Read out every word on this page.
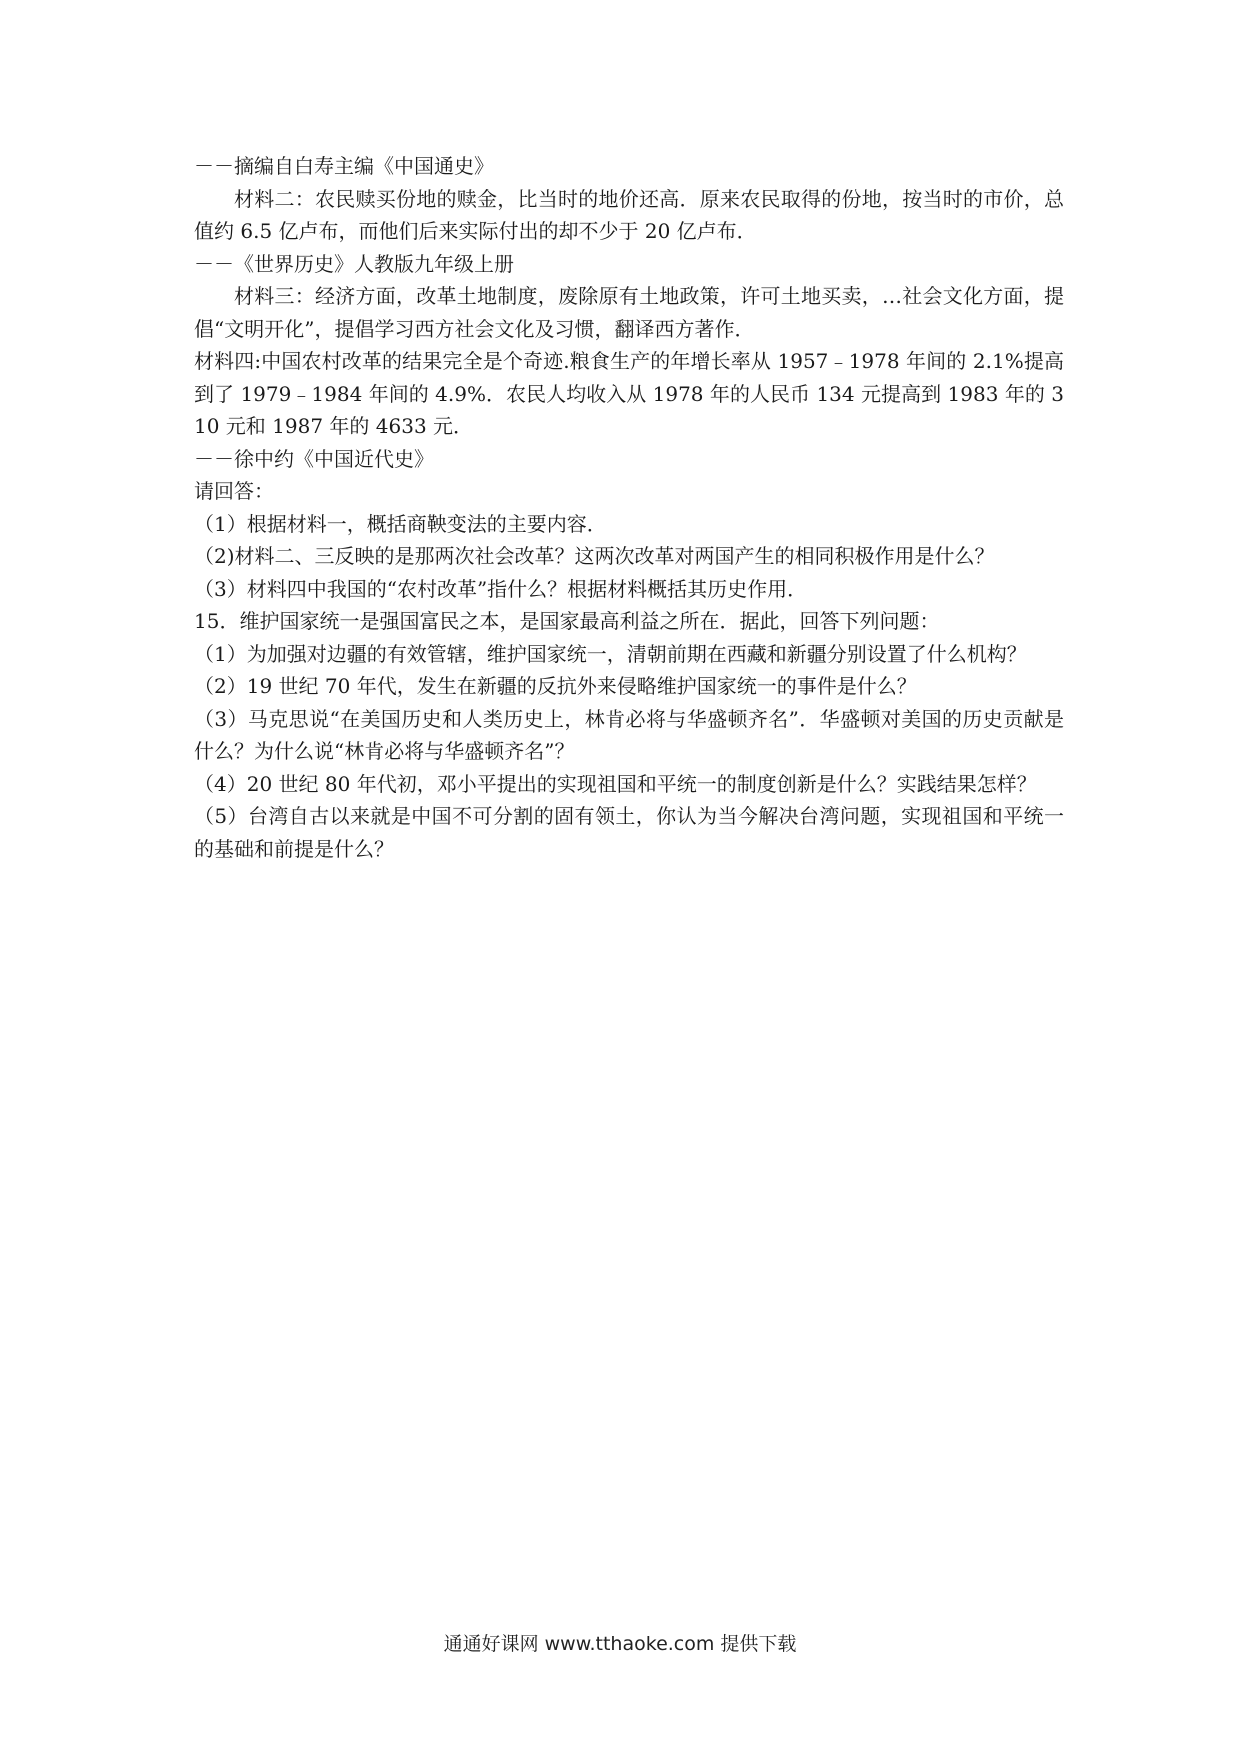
－－摘编自白寿主编《中国通史》
材料二：农民赎买份地的赎金，比当时的地价还高．原来农民取得的份地，按当时的市价，总值约 6.5 亿卢布，而他们后来实际付出的却不少于 20 亿卢布．
－－《世界历史》人教版九年级上册
材料三：经济方面，改革土地制度，废除原有土地政策，许可土地买卖，…社会文化方面，提倡“文明开化”，提倡学习西方社会文化及习惯，翻译西方著作．
材料四:中国农村改革的结果完全是个奇迹.粮食生产的年增长率从 1957﹣1978 年间的 2.1%提高到了 1979﹣1984 年间的 4.9%．农民人均收入从 1978 年的人民币 134 元提高到 1983 年的 310 元和 1987 年的 4633 元．
－－徐中约《中国近代史》
请回答：
（1）根据材料一，概括商鞅变法的主要内容．
（2)材料二、三反映的是那两次社会改革？这两次改革对两国产生的相同积极作用是什么？
（3）材料四中我国的“农村改革”指什么？根据材料概括其历史作用．
15．维护国家统一是强国富民之本，是国家最高利益之所在．据此，回答下列问题：
（1）为加强对边疆的有效管辖，维护国家统一，清朝前期在西藏和新疆分别设置了什么机构？
（2）19 世纪 70 年代，发生在新疆的反抗外来侵略维护国家统一的事件是什么？
（3）马克思说“在美国历史和人类历史上，林肯必将与华盛顿齐名”．华盛顿对美国的历史贡献是什么？为什么说“林肯必将与华盛顿齐名”？
（4）20 世纪 80 年代初，邓小平提出的实现祖国和平统一的制度创新是什么？实践结果怎样？
（5）台湾自古以来就是中国不可分割的固有领土，你认为当今解决台湾问题，实现祖国和平统一的基础和前提是什么？
通通好课网 www.tthaoke.com 提供下载
